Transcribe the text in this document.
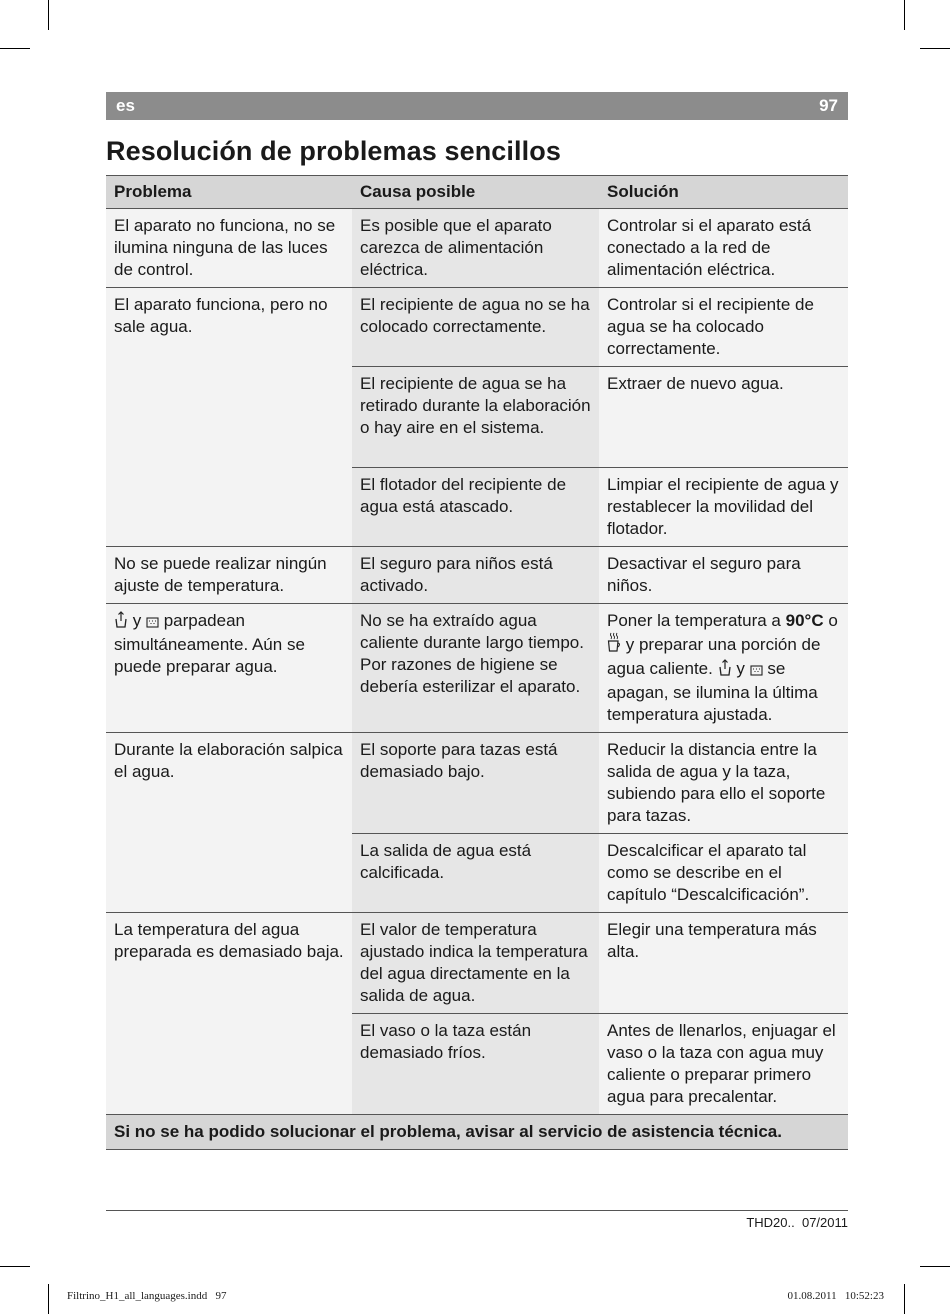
es	97
Resolución de problemas sencillos
Problema	Causa posible	Solución
El aparato no funciona, no se ilumina ninguna de las luces de control.	Es posible que el aparato carezca de alimentación eléctrica.	Controlar si el aparato está conectado a la red de alimentación eléctrica.
El aparato funciona, pero no sale agua.	El recipiente de agua no se ha colocado correctamente.	Controlar si el recipiente de agua se ha colocado correctamente.
	El recipiente de agua se ha retirado durante la elaboración o hay aire en el sistema.	Extraer de nuevo agua.
	El flotador del recipiente de agua está atascado.	Limpiar el recipiente de agua y restablecer la movilidad del flotador.
No se puede realizar ningún ajuste de temperatura.	El seguro para niños está activado.	Desactivar el seguro para niños.
y parpadean simultáneamente. Aún se puede preparar agua.	No se ha extraído agua caliente durante largo tiempo. Por razones de higiene se debería esterilizar el aparato.	Poner la temperatura a 90°C o  y preparar una porción de agua caliente. y se apagan, se ilumina la última temperatura ajustada.
Durante la elaboración salpica el agua.	El soporte para tazas está demasiado bajo.	Reducir la distancia entre la salida de agua y la taza, subiendo para ello el soporte para tazas.
	La salida de agua está calcificada.	Descalcificar el aparato tal como se describe en el capítulo “Descalcificación”.
La temperatura del agua preparada es demasiado baja.	El valor de temperatura ajustado indica la temperatura del agua directamente en la salida de agua.	Elegir una temperatura más alta.
	El vaso o la taza están demasiado fríos.	Antes de llenarlos, enjuagar el vaso o la taza con agua muy caliente o preparar primero agua para precalentar.
Si no se ha podido solucionar el problema, avisar al servicio de asistencia técnica.		
THD20..  07/2011
Filtrino_H1_all_languages.indd   97	01.08.2011   10:52:23
